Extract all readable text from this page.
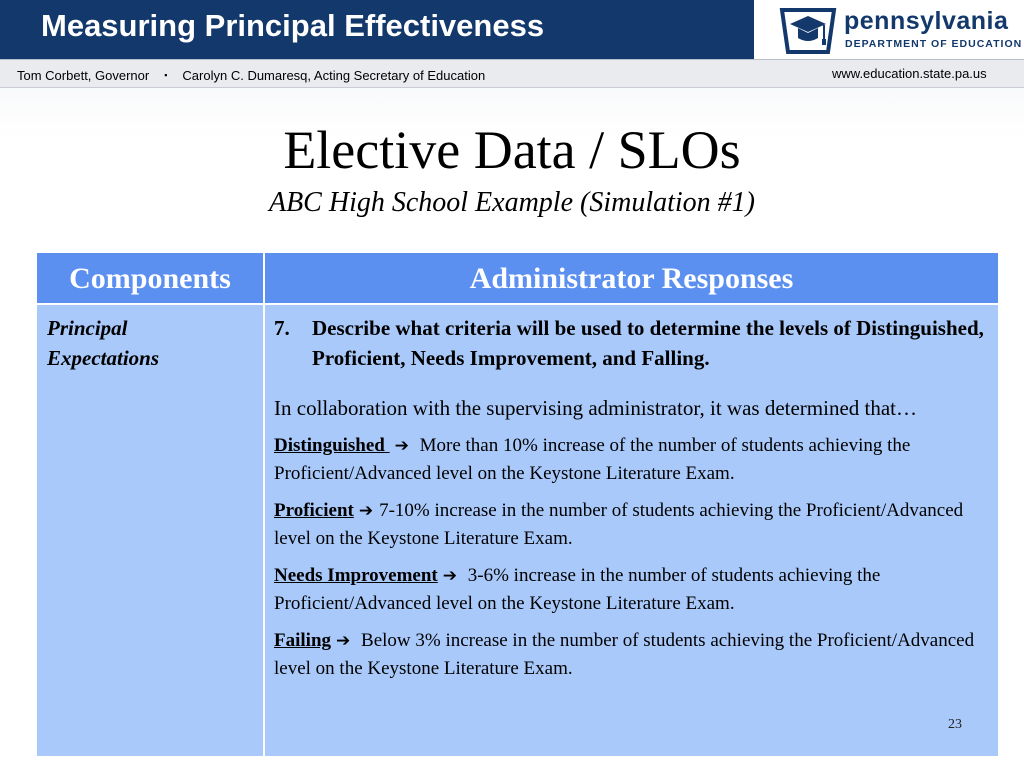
Measuring Principal Effectiveness	pennsylvania
DEPARTMENT OF EDUCATION
Tom Corbett, Governor ▪ Carolyn C. Dumaresq, Acting Secretary of Education	www.education.state.pa.us
Elective Data / SLOs
ABC High School Example (Simulation #1)
Components	Administrator Responses
Principal
Expectations
7.	Describe what criteria will be used to determine the levels of Distinguished, Proficient, Needs Improvement, and Falling.
In collaboration with the supervising administrator, it was determined that…
Distinguished ➔ More than 10% increase of the number of students achieving the Proficient/Advanced level on the Keystone Literature Exam.
Proficient ➔ 7-10% increase in the number of students achieving the Proficient/Advanced level on the Keystone Literature Exam.
Needs Improvement ➔ 3-6% increase in the number of students achieving the Proficient/Advanced level on the Keystone Literature Exam.
Failing ➔ Below 3% increase in the number of students achieving the Proficient/Advanced level on the Keystone Literature Exam.
23
